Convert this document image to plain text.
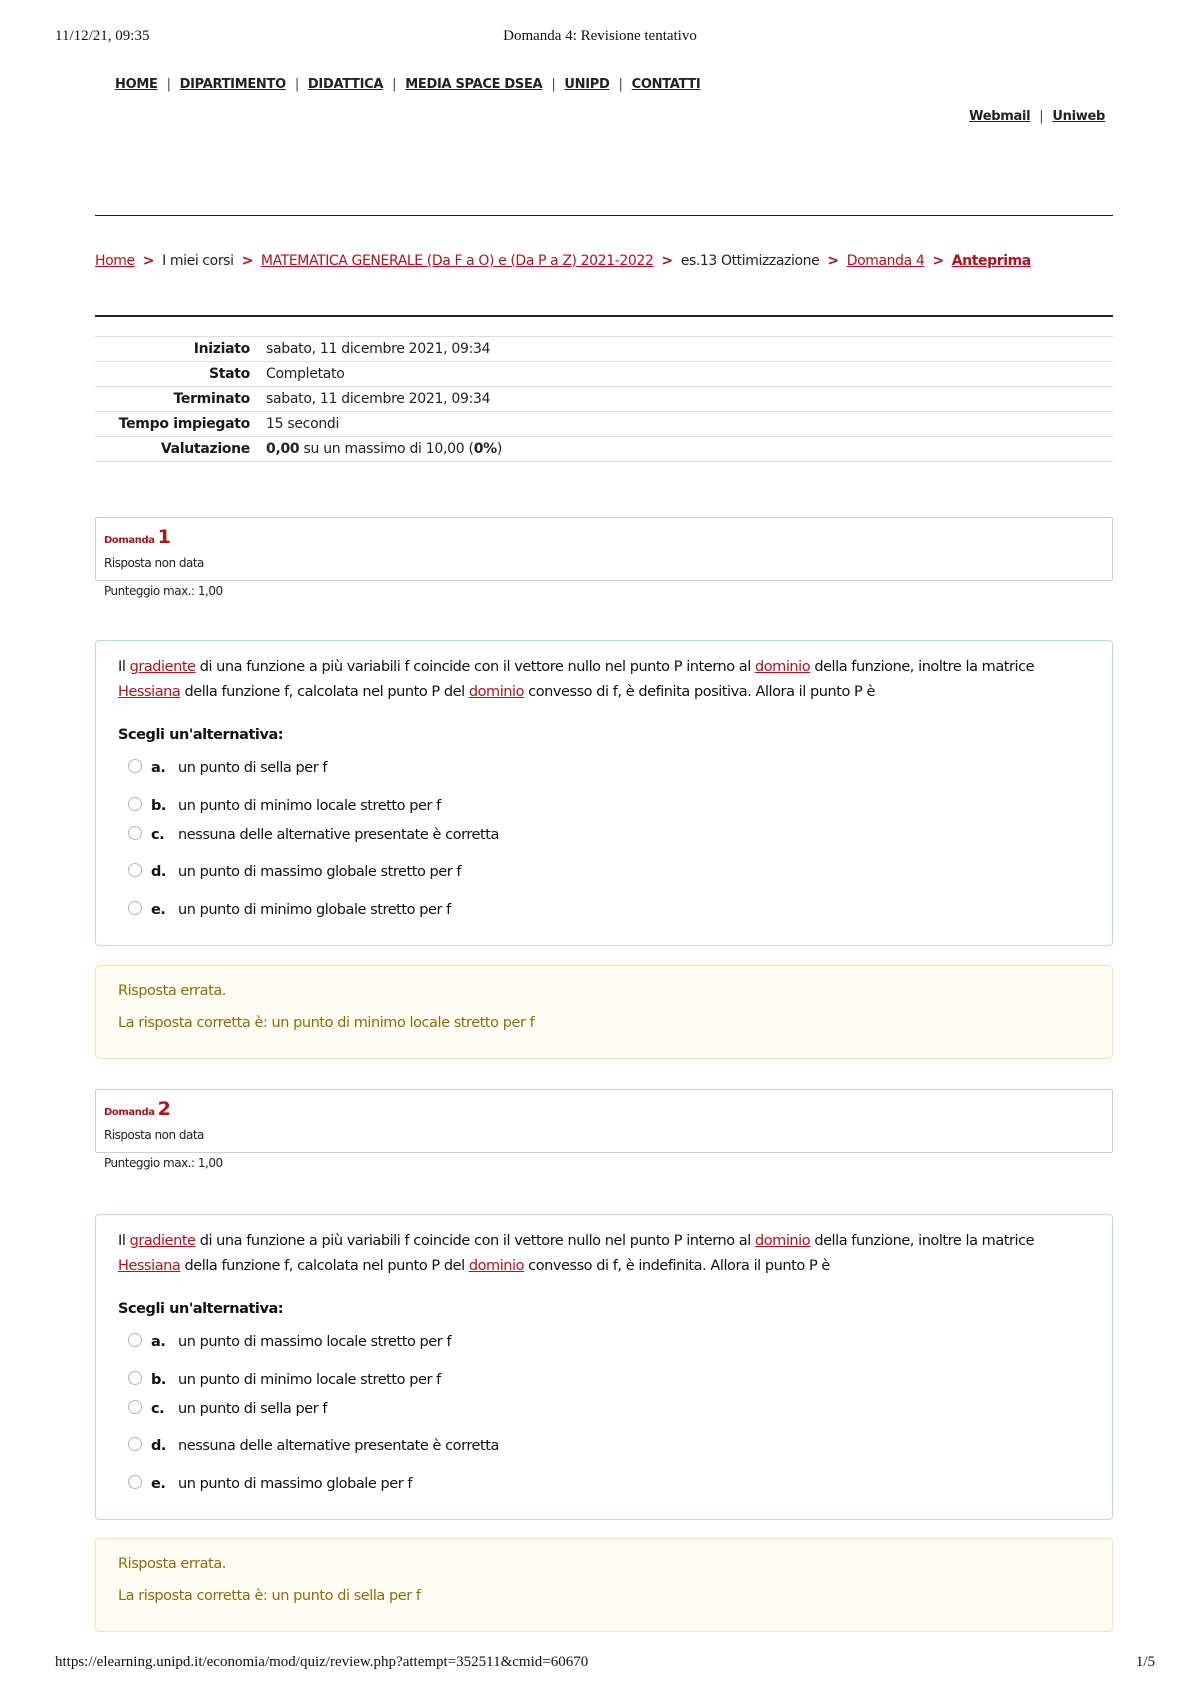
11/12/21, 09:35	Domanda 4: Revisione tentativo
HOME | DIPARTIMENTO | DIDATTICA | MEDIA SPACE DSEA | UNIPD | CONTATTI
Webmail | Uniweb
Home > I miei corsi > MATEMATICA GENERALE (Da F a O) e (Da P a Z) 2021-2022 > es.13 Ottimizzazione > Domanda 4 > Anteprima
Iniziato	sabato, 11 dicembre 2021, 09:34
Stato	Completato
Terminato	sabato, 11 dicembre 2021, 09:34
Tempo impiegato	15 secondi
Valutazione	0,00 su un massimo di 10,00 (0%)
Domanda 1
Risposta non data
Punteggio max.: 1,00
Il gradiente di una funzione a più variabili f coincide con il vettore nullo nel punto P interno al dominio della funzione, inoltre la matrice Hessiana della funzione f, calcolata nel punto P del dominio convesso di f, è definita positiva. Allora il punto P è
Scegli un'alternativa:
a. un punto di sella per f
b. un punto di minimo locale stretto per f
c. nessuna delle alternative presentate è corretta
d. un punto di massimo globale stretto per f
e. un punto di minimo globale stretto per f
Risposta errata.
La risposta corretta è: un punto di minimo locale stretto per f
Domanda 2
Risposta non data
Punteggio max.: 1,00
Il gradiente di una funzione a più variabili f coincide con il vettore nullo nel punto P interno al dominio della funzione, inoltre la matrice Hessiana della funzione f, calcolata nel punto P del dominio convesso di f, è indefinita. Allora il punto P è
Scegli un'alternativa:
a. un punto di massimo locale stretto per f
b. un punto di minimo locale stretto per f
c. un punto di sella per f
d. nessuna delle alternative presentate è corretta
e. un punto di massimo globale per f
Risposta errata.
La risposta corretta è: un punto di sella per f
https://elearning.unipd.it/economia/mod/quiz/review.php?attempt=352511&cmid=60670	1/5
